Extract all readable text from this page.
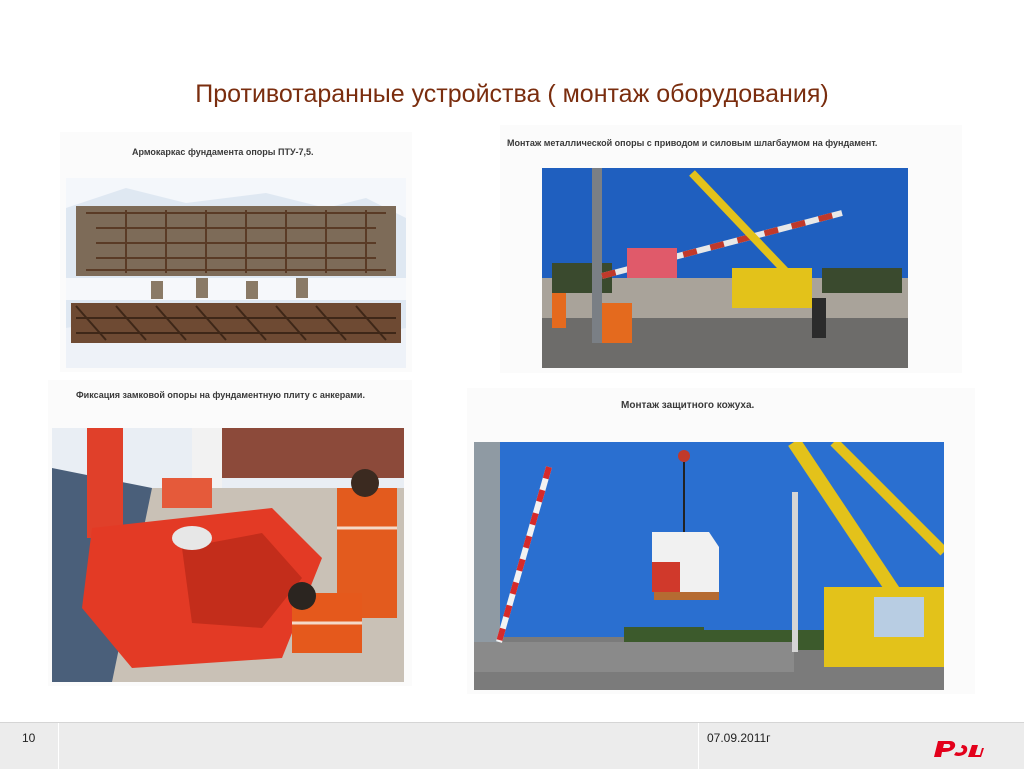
Противотаранные устройства ( монтаж оборудования)
Армокаркас фундамента опоры ПТУ-7,5.
Монтаж металлической опоры с приводом и силовым шлагбаумом на фундамент.
Фиксация замковой опоры на фундаментную плиту с анкерами.
Монтаж защитного кожуха.
10	07.09.2011г
